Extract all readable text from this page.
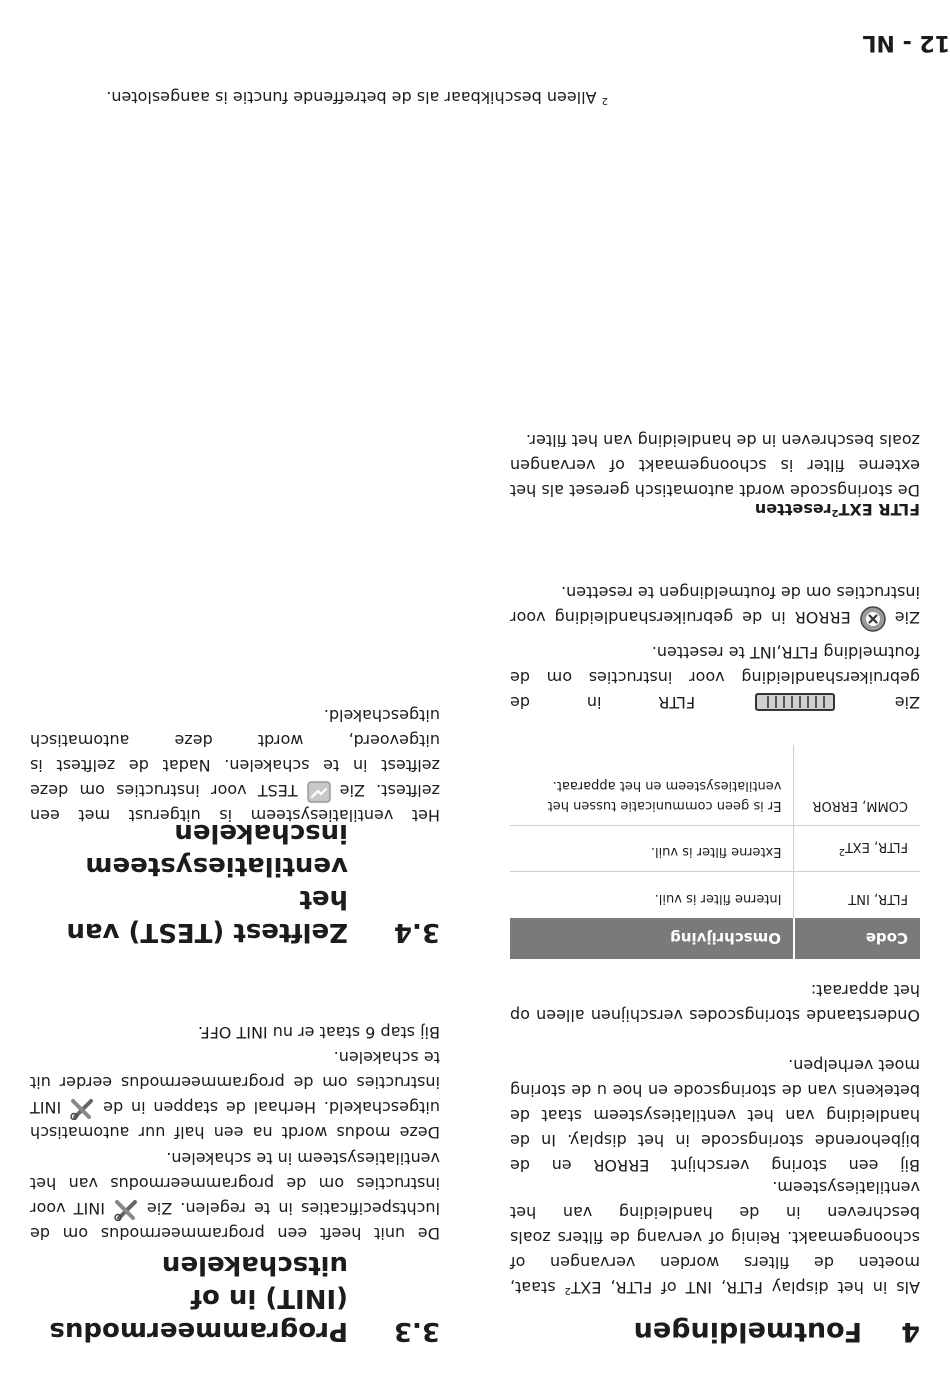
4Foutmeldingen

Als in het display FLTR, INT of FLTR, EXT$^2$ staat, moeten de filters worden vervangen of schoongemaakt. Reinig of vervang de filters zoals beschreven in de handleiding van het ventilatiesysteem.

Bij een storing verschijnt ERROR en de bijbehorende storingscode in het display. In de handleiding van het ventilatiesysteem staat de betekenis van de storingscode en hoe u de storing moet verhelpen.

Onderstaande storingscodes verschijnen alleen op het apparaat:

Code	Omschrijving
FLTR, INT	Interne filter is vuil.
FLTR, EXT$^2$	Externe filter is vuil.
COMM, ERROR	Er is geen communicatie tussen het ventilatiesysteem en het apparaat.
Zie
FLTR
in
de

gebruikershandleiding voor instructies om de foutmelding FLTR,INT te resetten.

ZieERROR in de gebruikershandleiding voor instructies om de foutmeldingen te resetten.

FLTR EXT$^2$resetten

De storingscode wordt automatisch gereset als het externe filter is schoongemaakt of vervangen zoals beschreven in de handleiding van het filter.

3.3
Programmeermodus (INIT) in of uitschakelen

De unit heeft een programmeermodus om de luchtspecificaties in te regelen. ZieINIT voor instructies om de programmeermodus van het ventilatiesysteem in te schakelen.

Deze modus wordt na een half uur automatisch uitgeschakeld. Herhaal de stappen in deINIT instructies om de programmeermodus eerder uit te schakelen.

Bij stap 6 staat er nu INIT OFF.

3.4
Zelftest (TEST) van het ventilatiesysteem inschakelen

Het ventilatiesysteem is uitgerust met een zelftest. ZieTEST voor instructies om deze zelftest in te schakelen. Nadat de zelftest is uitgevoerd, wordt deze automatisch uitgeschakeld.

$^2$ Alleen beschikbaar als de betreffende functie is aangesloten.
12 - NL
